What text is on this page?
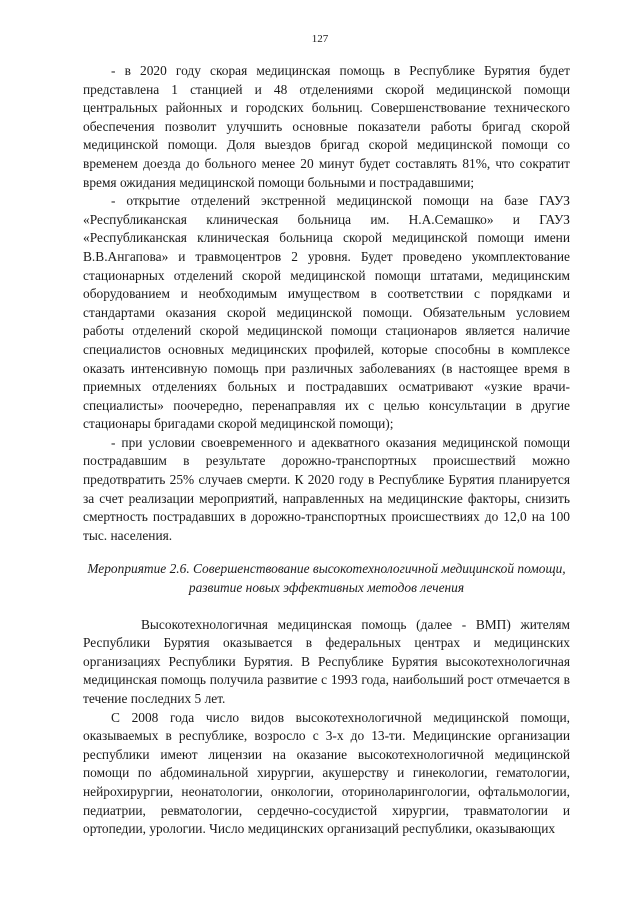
127

- в 2020 году скорая медицинская помощь в Республике Бурятия будет представлена 1 станцией и 48 отделениями скорой медицинской помощи центральных районных и городских больниц. Совершенствование технического обеспечения позволит улучшить основные показатели работы бригад скорой медицинской помощи. Доля выездов бригад скорой медицинской помощи со временем доезда до больного менее 20 минут будет составлять 81%, что сократит время ожидания медицинской помощи больными и пострадавшими;

- открытие отделений экстренной медицинской помощи на базе ГАУЗ «Республиканская клиническая больница им. Н.А.Семашко» и ГАУЗ «Республиканская клиническая больница скорой медицинской помощи имени В.В.Ангапова» и травмоцентров 2 уровня. Будет проведено укомплектование стационарных отделений скорой медицинской помощи штатами, медицинским оборудованием и необходимым имуществом в соответствии с порядками и стандартами оказания скорой медицинской помощи. Обязательным условием работы отделений скорой медицинской помощи стационаров является наличие специалистов основных медицинских профилей, которые способны в комплексе оказать интенсивную помощь при различных заболеваниях (в настоящее время в приемных отделениях больных и пострадавших осматривают «узкие врачи-специалисты» поочередно, перенаправляя их с целью консультации в другие стационары бригадами скорой медицинской помощи);

- при условии своевременного и адекватного оказания медицинской помощи пострадавшим в результате дорожно-транспортных происшествий можно предотвратить 25% случаев смерти. К 2020 году в Республике Бурятия планируется за счет реализации мероприятий, направленных на медицинские факторы, снизить смертность пострадавших в дорожно-транспортных происшествиях до 12,0 на 100 тыс. населения.

Мероприятие 2.6. Совершенствование высокотехнологичной медицинской помощи, развитие новых эффективных методов лечения

Высокотехнологичная медицинская помощь (далее - ВМП) жителям Республики Бурятия оказывается в федеральных центрах и медицинских организациях Республики Бурятия. В Республике Бурятия высокотехнологичная медицинская помощь получила развитие с 1993 года, наибольший рост отмечается в течение последних 5 лет.

С 2008 года число видов высокотехнологичной медицинской помощи, оказываемых в республике, возросло с 3-х до 13-ти. Медицинские организации республики имеют лицензии на оказание высокотехнологичной медицинской помощи по абдоминальной хирургии, акушерству и гинекологии, гематологии, нейрохирургии, неонатологии, онкологии, оториноларингологии, офтальмологии, педиатрии, ревматологии, сердечно-сосудистой хирургии, травматологии и ортопедии, урологии. Число медицинских организаций республики, оказывающих
